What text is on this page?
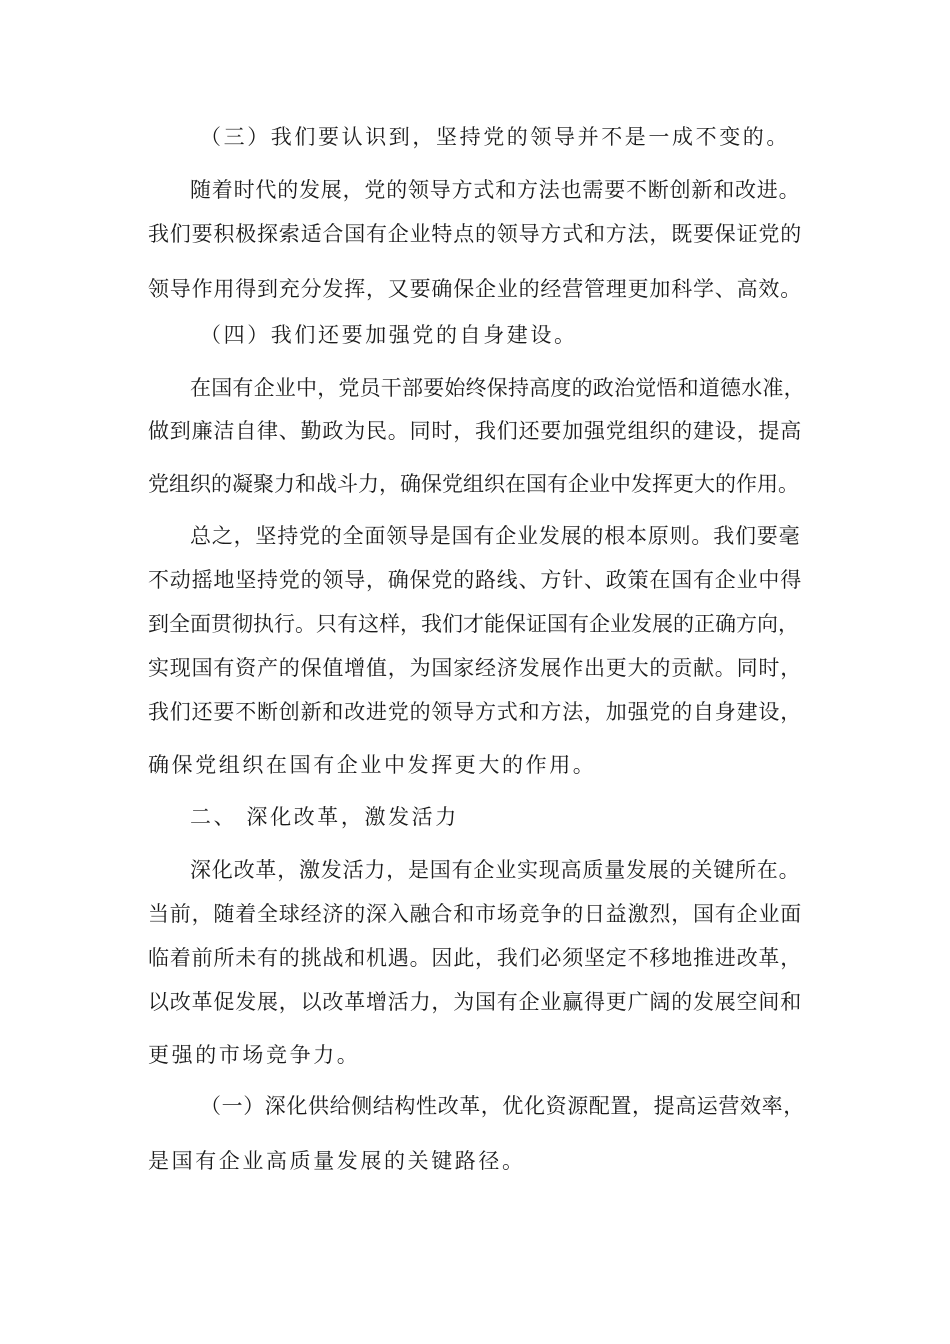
（三）我们要认识到，坚持党的领导并不是一成不变的。
随着时代的发展，党的领导方式和方法也需要不断创新和改进。
我们要积极探索适合国有企业特点的领导方式和方法，既要保证党的
领导作用得到充分发挥，又要确保企业的经营管理更加科学、高效。
（四）我们还要加强党的自身建设。
在国有企业中，党员干部要始终保持高度的政治觉悟和道德水准，
做到廉洁自律、勤政为民。同时，我们还要加强党组织的建设，提高
党组织的凝聚力和战斗力，确保党组织在国有企业中发挥更大的作用。
总之，坚持党的全面领导是国有企业发展的根本原则。我们要毫
不动摇地坚持党的领导，确保党的路线、方针、政策在国有企业中得
到全面贯彻执行。只有这样，我们才能保证国有企业发展的正确方向，
实现国有资产的保值增值，为国家经济发展作出更大的贡献。同时，
我们还要不断创新和改进党的领导方式和方法，加强党的自身建设，
确保党组织在国有企业中发挥更大的作用。
二、 深化改革，激发活力
深化改革，激发活力，是国有企业实现高质量发展的关键所在。
当前，随着全球经济的深入融合和市场竞争的日益激烈，国有企业面
临着前所未有的挑战和机遇。因此，我们必须坚定不移地推进改革，
以改革促发展，以改革增活力，为国有企业赢得更广阔的发展空间和
更强的市场竞争力。
（一）深化供给侧结构性改革，优化资源配置，提高运营效率，
是国有企业高质量发展的关键路径。
